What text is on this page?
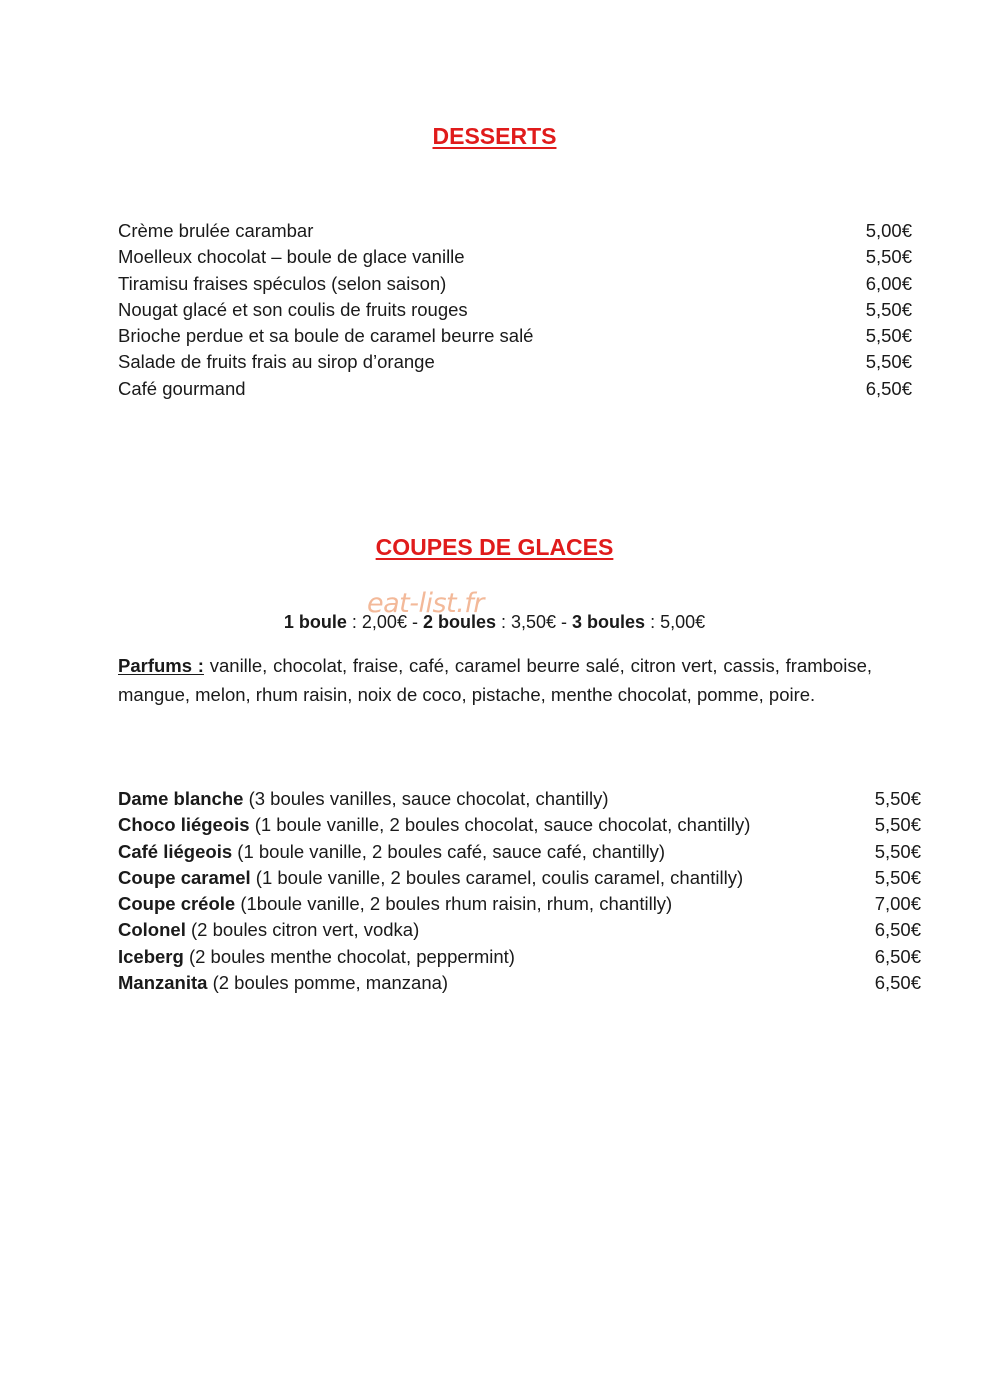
DESSERTS
Crème brulée carambar	5,00€
Moelleux chocolat – boule de glace vanille	5,50€
Tiramisu fraises spéculos (selon saison)	6,00€
Nougat glacé et son coulis de fruits rouges	5,50€
Brioche perdue et sa boule de caramel beurre salé	5,50€
Salade de fruits frais au sirop d’orange	5,50€
Café gourmand	6,50€
COUPES DE GLACES
eat-list.fr
1 boule : 2,00€ - 2 boules : 3,50€ - 3 boules : 5,00€
Parfums : vanille, chocolat, fraise, café, caramel beurre salé, citron vert, cassis, framboise, mangue, melon, rhum raisin, noix de coco, pistache, menthe chocolat, pomme, poire.
Dame blanche (3 boules vanilles, sauce chocolat, chantilly)	5,50€
Choco liégeois (1 boule vanille, 2 boules chocolat, sauce chocolat, chantilly)	5,50€
Café liégeois (1 boule vanille, 2 boules café, sauce café, chantilly)	5,50€
Coupe caramel (1 boule vanille, 2 boules caramel, coulis caramel, chantilly)	5,50€
Coupe créole (1boule vanille, 2 boules rhum raisin, rhum, chantilly)	7,00€
Colonel (2 boules citron vert, vodka)	6,50€
Iceberg (2 boules menthe chocolat, peppermint)	6,50€
Manzanita (2 boules pomme, manzana)	6,50€
